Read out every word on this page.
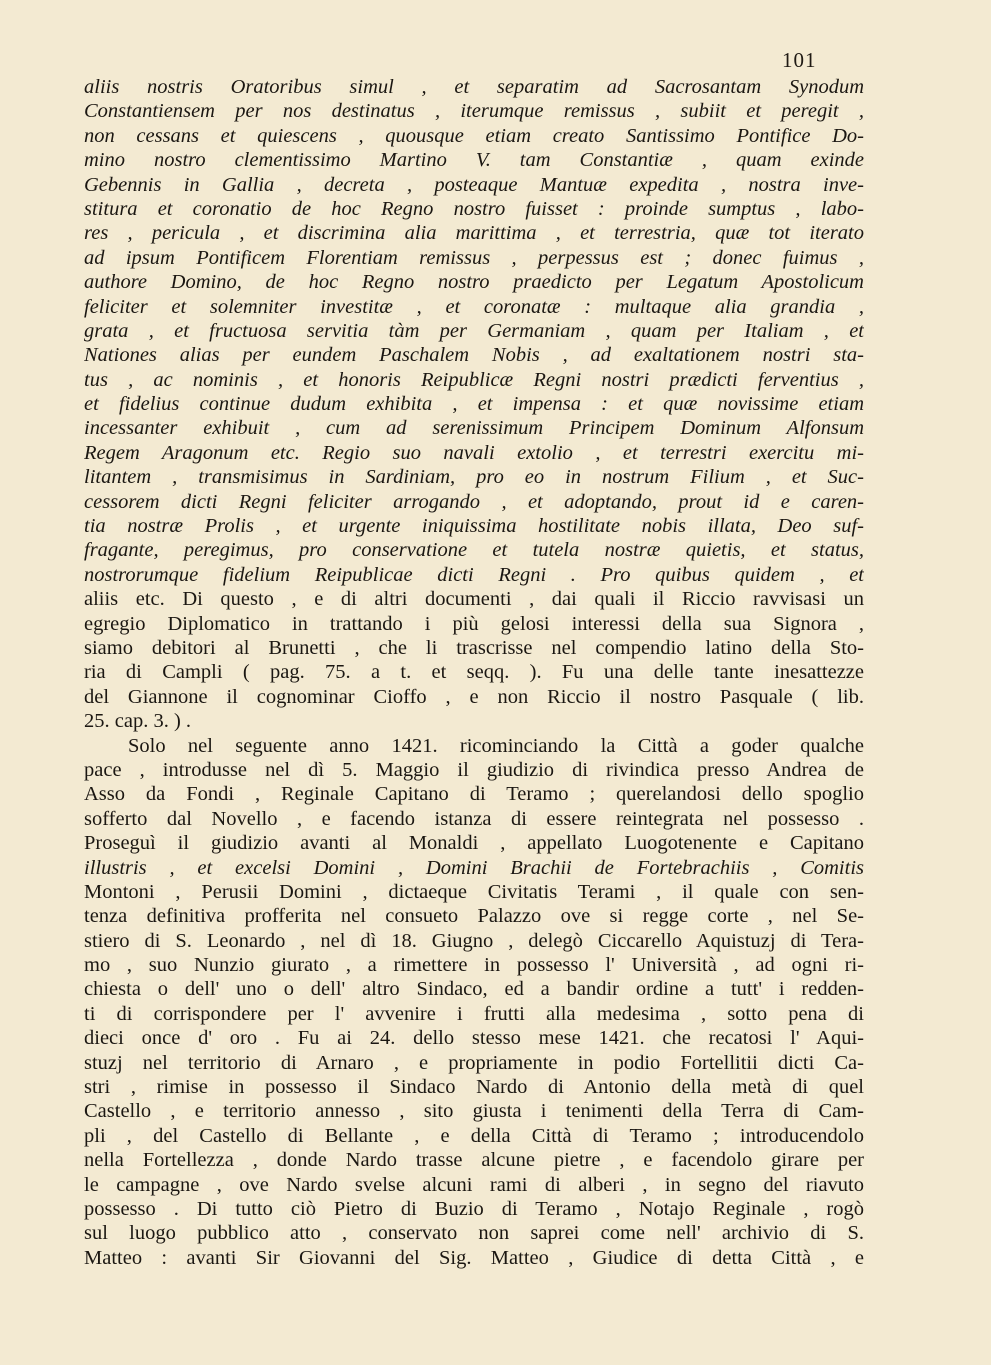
101
aliis nostris Oratoribus simul , et separatim ad Sacrosantam Synodum
Constantiensem per nos destinatus , iterumque remissus , subiit et peregit ,
non cessans et quiescens , quousque etiam creato Santissimo Pontifice Do-
mino nostro clementissimo Martino V. tam Constantiæ , quam exinde
Gebennis in Gallia , decreta , posteaque Mantuæ expedita , nostra inve-
stitura et coronatio de hoc Regno nostro fuisset : proinde sumptus , labo-
res , pericula , et discrimina alia marittima , et terrestria, quæ tot iterato
ad ipsum Pontificem Florentiam remissus , perpessus est ; donec fuimus ,
authore Domino, de hoc Regno nostro praedicto per Legatum Apostolicum
feliciter et solemniter investitæ , et coronatæ : multaque alia grandia ,
grata , et fructuosa servitia tàm per Germaniam , quam per Italiam , et
Nationes alias per eundem Paschalem Nobis , ad exaltationem nostri sta-
tus , ac nominis , et honoris Reipublicæ Regni nostri prædicti ferventius ,
et fidelius continue dudum exhibita , et impensa : et quæ novissime etiam
incessanter exhibuit , cum ad serenissimum Principem Dominum Alfonsum
Regem Aragonum etc. Regio suo navali extolio , et terrestri exercitu mi-
litantem , transmisimus in Sardiniam, pro eo in nostrum Filium , et Suc-
cessorem dicti Regni feliciter arrogando , et adoptando, prout id e caren-
tia nostræ Prolis , et urgente iniquissima hostilitate nobis illata, Deo suf-
fragante, peregimus, pro conservatione et tutela nostræ quietis, et status,
nostrorumque fidelium Reipublicae dicti Regni . Pro quibus quidem , et
aliis etc. Di questo , e di altri documenti , dai quali il Riccio ravvisasi un
egregio Diplomatico in trattando i più gelosi interessi della sua Signora ,
siamo debitori al Brunetti , che li trascrisse nel compendio latino della Sto-
ria di Campli ( pag. 75. a t. et seqq. ). Fu una delle tante inesattezze
del Giannone il cognominar Cioffo , e non Riccio il nostro Pasquale ( lib.
25. cap. 3. ) .
Solo nel seguente anno 1421. ricominciando la Città a goder qualche
pace , introdusse nel dì 5. Maggio il giudizio di rivindica presso Andrea de
Asso da Fondi , Reginale Capitano di Teramo ; querelandosi dello spoglio
sofferto dal Novello , e facendo istanza di essere reintegrata nel possesso .
Proseguì il giudizio avanti al Monaldi , appellato Luogotenente e Capitano
illustris , et excelsi Domini , Domini Brachii de Fortebrachiis , Comitis
Montoni , Perusii Domini , dictaeque Civitatis Terami , il quale con sen-
tenza definitiva profferita nel consueto Palazzo ove si regge corte , nel Se-
stiero di S. Leonardo , nel dì 18. Giugno , delegò Ciccarello Aquistuzj di Tera-
mo , suo Nunzio giurato , a rimettere in possesso l' Università , ad ogni ri-
chiesta o dell' uno o dell' altro Sindaco, ed a bandir ordine a tutt' i redden-
ti di corrispondere per l' avvenire i frutti alla medesima , sotto pena di
dieci once d' oro . Fu ai 24. dello stesso mese 1421. che recatosi l' Aqui-
stuzj nel territorio di Arnaro , e propriamente in podio Fortellitii dicti Ca-
stri , rimise in possesso il Sindaco Nardo di Antonio della metà di quel
Castello , e territorio annesso , sito giusta i tenimenti della Terra di Cam-
pli , del Castello di Bellante , e della Città di Teramo ; introducendolo
nella Fortellezza , donde Nardo trasse alcune pietre , e facendolo girare per
le campagne , ove Nardo svelse alcuni rami di alberi , in segno del riavuto
possesso . Di tutto ciò Pietro di Buzio di Teramo , Notajo Reginale , rogò
sul luogo pubblico atto , conservato non saprei come nell' archivio di S.
Matteo : avanti Sir Giovanni del Sig. Matteo , Giudice di detta Città , e
